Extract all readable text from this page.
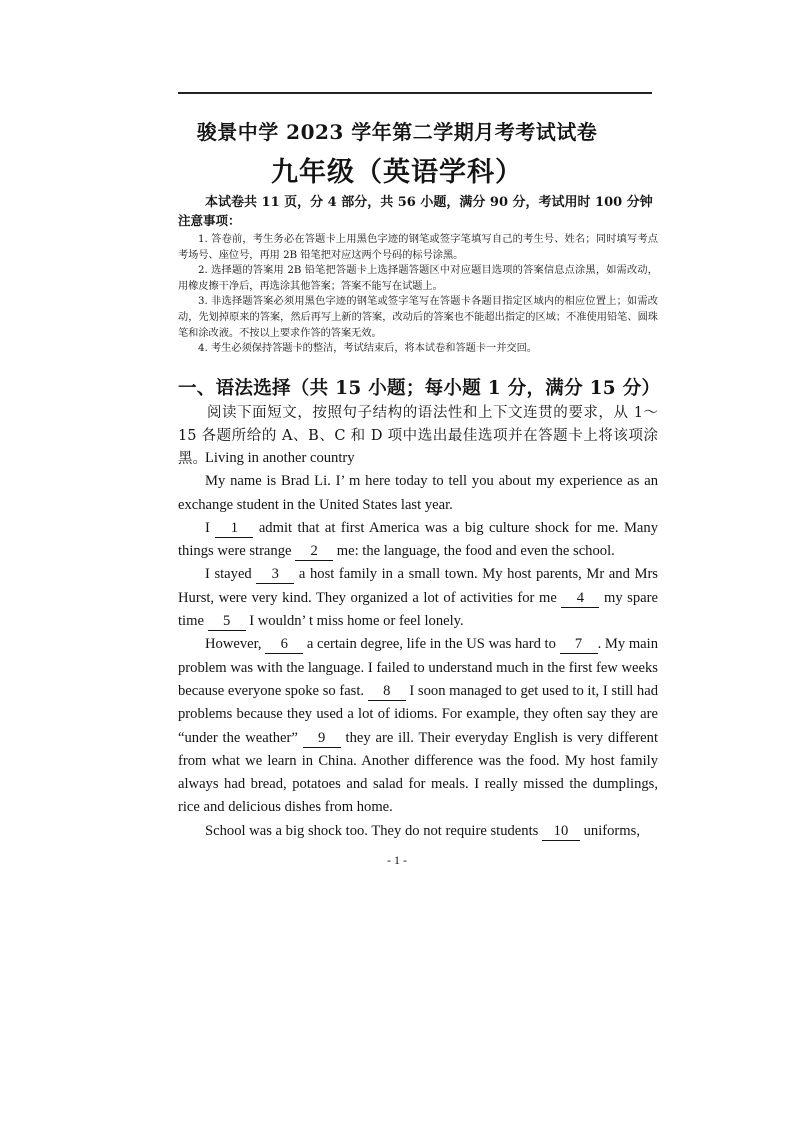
骏景中学 2023 学年第二学期月考考试试卷
九年级（英语学科）
本试卷共 11 页，分 4 部分，共 56 小题，满分 90 分，考试用时 100 分钟
注意事项：

1. 答卷前，考生务必在答题卡上用黑色字迹的钢笔或签字笔填写自己的考生号、姓名；同时填写考点考场号、座位号，再用 2B 铅笔把对应这两个号码的标号涂黑。

2. 选择题的答案用 2B 铅笔把答题卡上选择题答题区中对应题目选项的答案信息点涂黑，如需改动，用橡皮擦干净后，再选涂其他答案；答案不能写在试题上。

3. 非选择题答案必须用黑色字迹的钢笔或签字笔写在答题卡各题目指定区域内的相应位置上；如需改动，先划掉原来的答案，然后再写上新的答案，改动后的答案也不能超出指定的区域；不准使用铅笔、圆珠笔和涂改液。不按以上要求作答的答案无效。

4. 考生必须保持答题卡的整洁，考试结束后，将本试卷和答题卡一并交回。

一、语法选择（共 15 小题；每小题 1 分，满分 15 分）

阅读下面短文，按照句子结构的语法性和上下文连贯的要求，从 1～15 各题所给的 A、B、C 和 D 项中选出最佳选项并在答题卡上将该项涂黑。

Living in another country

My name is Brad Li. I’ m here today to tell you about my experience as an exchange student in the United States last year.

I 1 admit that at first America was a big culture shock for me. Many things were strange 2 me: the language, the food and even the school.

I stayed 3 a host family in a small town. My host parents, Mr and Mrs Hurst, were very kind. They organized a lot of activities for me 4 my spare time 5 I wouldn’ t miss home or feel lonely.

However, 6 a certain degree, life in the US was hard to 7 . My main problem was with the language. I failed to understand much in the first few weeks because everyone spoke so fast. 8 I soon managed to get used to it, I still had problems because they used a lot of idioms. For example, they often say they are “under the weather” 9 they are ill. Their everyday English is very different from what we learn in China. Another difference was the food. My host family always had bread, potatoes and salad for meals. I really missed the dumplings, rice and delicious dishes from home.

School was a big shock too. They do not require students 10 uniforms,

- 1 -
